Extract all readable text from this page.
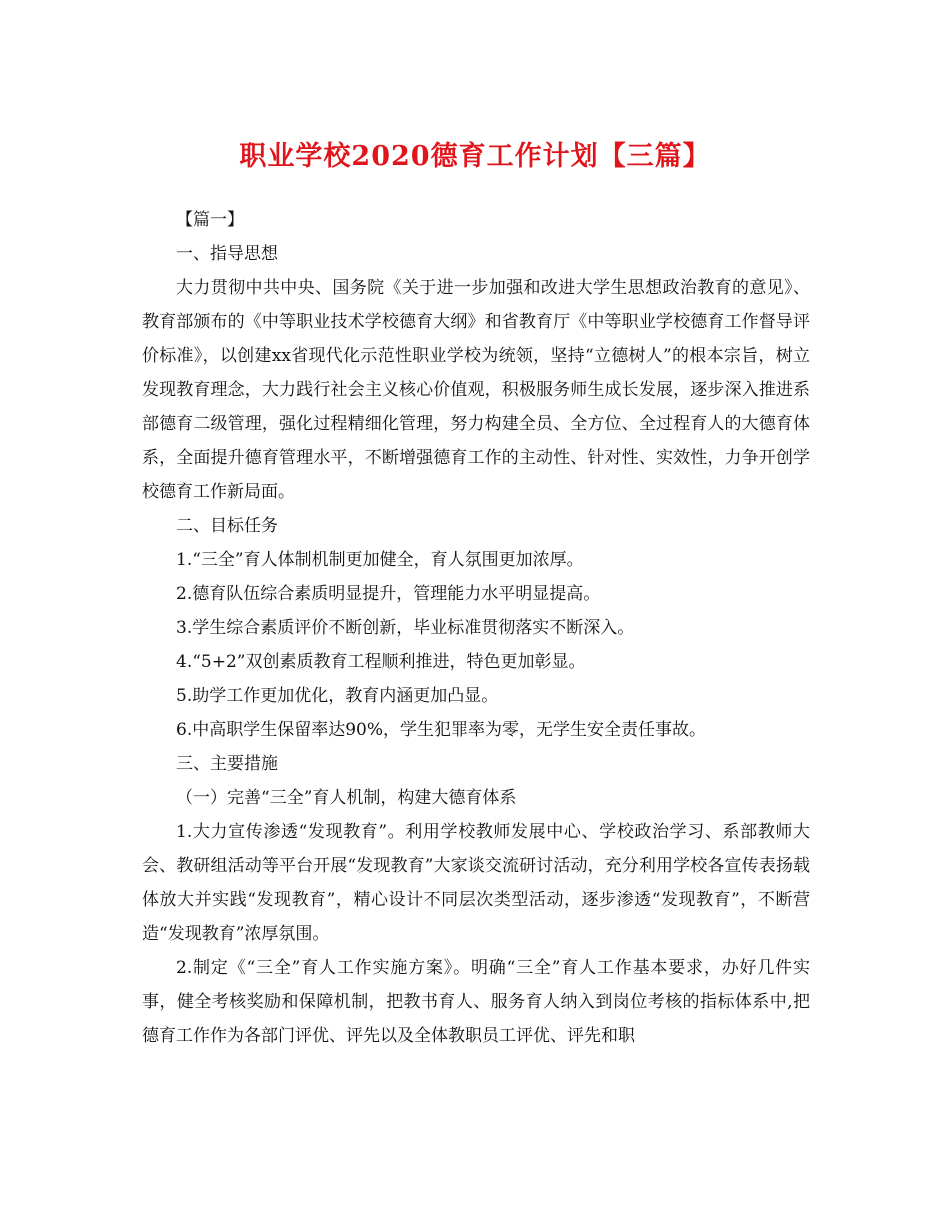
职业学校2020德育工作计划【三篇】

【篇一】

一、指导思想

大力贯彻中共中央、国务院《关于进一步加强和改进大学生思想政治教育的意见》、教育部颁布的《中等职业技术学校德育大纲》和省教育厅《中等职业学校德育工作督导评价标准》，以创建xx省现代化示范性职业学校为统领，坚持“立德树人”的根本宗旨，树立发现教育理念，大力践行社会主义核心价值观，积极服务师生成长发展，逐步深入推进系部德育二级管理，强化过程精细化管理，努力构建全员、全方位、全过程育人的大德育体系，全面提升德育管理水平，不断增强德育工作的主动性、针对性、实效性，力争开创学校德育工作新局面。

二、目标任务

1.“三全”育人体制机制更加健全，育人氛围更加浓厚。

2.德育队伍综合素质明显提升，管理能力水平明显提高。

3.学生综合素质评价不断创新，毕业标准贯彻落实不断深入。

4.“5+2”双创素质教育工程顺利推进，特色更加彰显。

5.助学工作更加优化，教育内涵更加凸显。

6.中高职学生保留率达90%，学生犯罪率为零，无学生安全责任事故。

三、主要措施

（一）完善“三全”育人机制，构建大德育体系

1.大力宣传渗透“发现教育”。利用学校教师发展中心、学校政治学习、系部教师大会、教研组活动等平台开展“发现教育”大家谈交流研讨活动，充分利用学校各宣传表扬载体放大并实践“发现教育”，精心设计不同层次类型活动，逐步渗透“发现教育”，不断营造“发现教育”浓厚氛围。

2.制定《“三全”育人工作实施方案》。明确“三全”育人工作基本要求，办好几件实事，健全考核奖励和保障机制，把教书育人、服务育人纳入到岗位考核的指标体系中,把德育工作作为各部门评优、评先以及全体教职员工评优、评先和职
